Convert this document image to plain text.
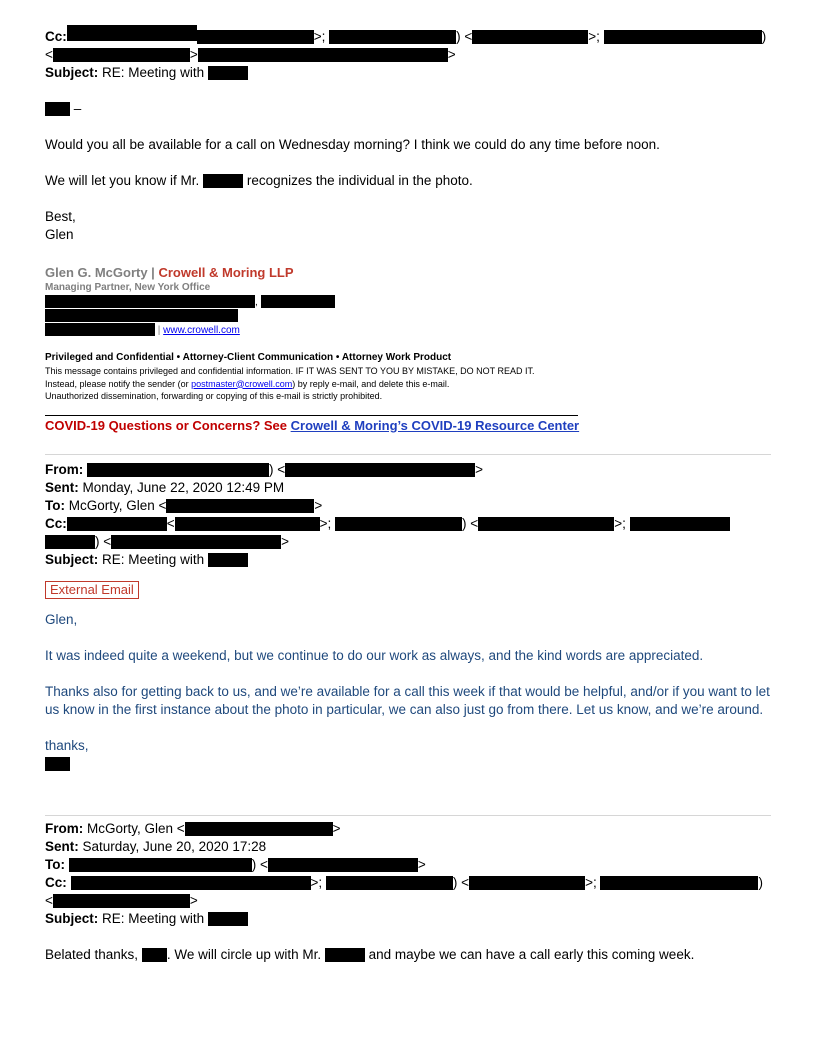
Cc:	>;	) <	>;	)

<	>	>

Subject: RE: Meeting with

–

Would you all be available for a call on Wednesday morning? I think we could do any time before noon.

We will let you know if Mr.	recognizes the individual in the photo.

Best,

Glen

Glen G. McGorty | Crowell & Moring LLP

Managing Partner, New York Office

,

| www.crowell.com

Privileged and Confidential • Attorney-Client Communication • Attorney Work Product

This message contains privileged and confidential information. IF IT WAS SENT TO YOU BY MISTAKE, DO NOT READ IT.

Instead, please notify the sender (or postmaster@crowell.com) by reply e-mail, and delete this e-mail.

Unauthorized dissemination, forwarding or copying of this e-mail is strictly prohibited.

COVID-19 Questions or Concerns? See Crowell & Moring’s COVID-19 Resource Center

From:	) <	>

Sent: Monday, June 22, 2020 12:49 PM

To: McGorty, Glen <	>

Cc:	<	>;	) <	>;

) <	>

Subject: RE: Meeting with

External Email

Glen,

It was indeed quite a weekend, but we continue to do our work as always, and the kind words are appreciated.

Thanks also for getting back to us, and we’re available for a call this week if that would be helpful, and/or if you want to let us know in the first instance about the photo in particular, we can also just go from there. Let us know, and we’re around.

thanks,

From: McGorty, Glen <	>

Sent: Saturday, June 20, 2020 17:28

To:	) <	>

Cc:	>;	) <	>;	)

<	>

Subject: RE: Meeting with

Belated thanks, . We will circle up with Mr.	and maybe we can have a call early this coming week.
